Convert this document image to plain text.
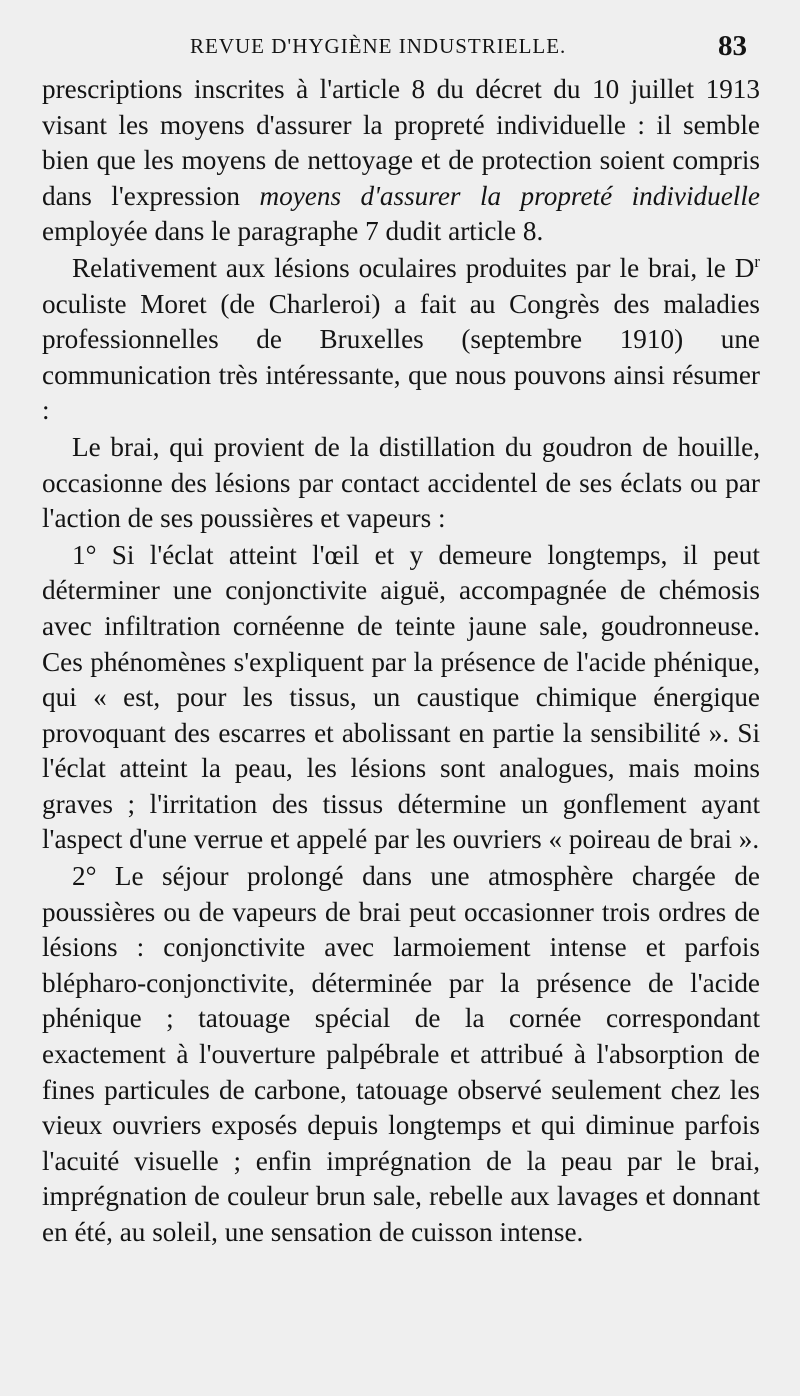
REVUE D'HYGIÈNE INDUSTRIELLE.	83

prescriptions inscrites à l'article 8 du décret du 10 juillet 1913 visant les moyens d'assurer la propreté individuelle : il semble bien que les moyens de nettoyage et de protection soient compris dans l'expression moyens d'assurer la propreté individuelle employée dans le paragraphe 7 dudit article 8.

Relativement aux lésions oculaires produites par le brai, le $D^r$ oculiste Moret (de Charleroi) a fait au Congrès des maladies professionnelles de Bruxelles (septembre 1910) une communication très intéressante, que nous pouvons ainsi résumer :

Le brai, qui provient de la distillation du goudron de houille, occasionne des lésions par contact accidentel de ses éclats ou par l'action de ses poussières et vapeurs :

1° Si l'éclat atteint l'œil et y demeure longtemps, il peut déterminer une conjonctivite aiguë, accompagnée de chémosis avec infiltration cornéenne de teinte jaune sale, goudronneuse. Ces phénomènes s'expliquent par la présence de l'acide phénique, qui « est, pour les tissus, un caustique chimique énergique provoquant des escarres et abolissant en partie la sensibilité ». Si l'éclat atteint la peau, les lésions sont analogues, mais moins graves ; l'irritation des tissus détermine un gonflement ayant l'aspect d'une verrue et appelé par les ouvriers « poireau de brai ».

2° Le séjour prolongé dans une atmosphère chargée de poussières ou de vapeurs de brai peut occasionner trois ordres de lésions : conjonctivite avec larmoiement intense et parfois blépharo-conjonctivite, déterminée par la présence de l'acide phénique ; tatouage spécial de la cornée correspondant exactement à l'ouverture palpébrale et attribué à l'absorption de fines particules de carbone, tatouage observé seulement chez les vieux ouvriers exposés depuis longtemps et qui diminue parfois l'acuité visuelle ; enfin imprégnation de la peau par le brai, imprégnation de couleur brun sale, rebelle aux lavages et donnant en été, au soleil, une sensation de cuisson intense.
